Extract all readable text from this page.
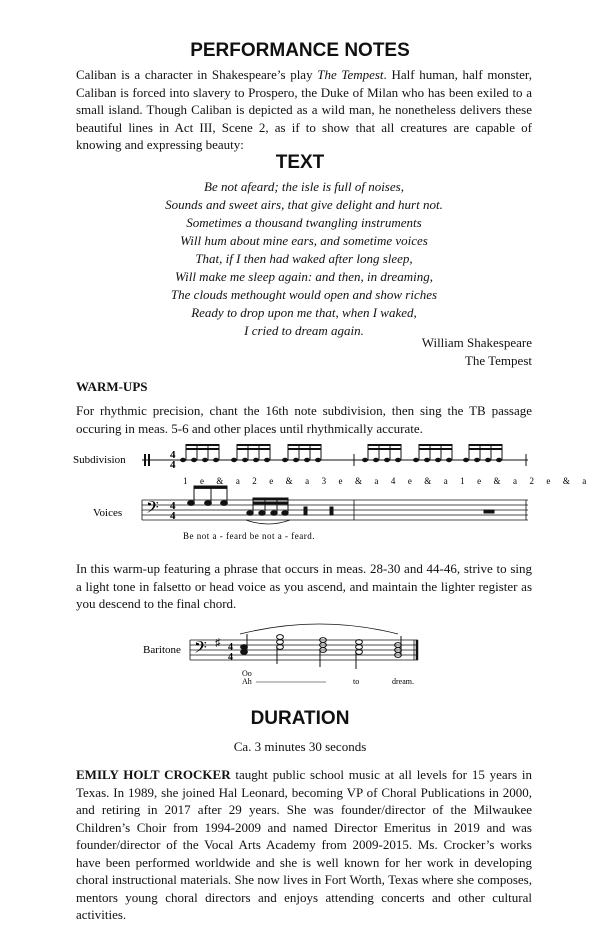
PERFORMANCE NOTES

Caliban is a character in Shakespeare’s play The Tempest. Half human, half monster, Caliban is forced into slavery to Prospero, the Duke of Milan who has been exiled to a small island. Though Caliban is depicted as a wild man, he nonetheless delivers these beautiful lines in Act III, Scene 2, as if to show that all creatures are capable of knowing and expressing beauty:

TEXT
Be not afeard; the isle is full of noises,
Sounds and sweet airs, that give delight and hurt not.
Sometimes a thousand twangling instruments
Will hum about mine ears, and sometime voices
That, if I then had waked after long sleep,
Will make me sleep again: and then, in dreaming,
The clouds methought would open and show riches
Ready to drop upon me that, when I waked,
I cried to dream again.

William Shakespeare

The Tempest

WARM-UPS

For rhythmic precision, chant the 16th note subdivision, then sing the TB passage occuring in meas. 5-6 and other places until rhythmically accurate.

Subdivision
Voices
4
4
1 e & a 2 e & a 3 e & a 4 e & a 1 e & a 2 e & a
𝄢 4
4
Be not a - feard be not a - feard.

In this warm-up featuring a phrase that occurs in meas. 28-30 and 44-46, strive to sing a light tone in falsetto or head voice as you ascend, and maintain the lighter register as you descend to the final chord.

Baritone 𝄢 ♯ 4
4
Oo
Ah	to	dream.
DURATION

Ca. 3 minutes 30 seconds

EMILY HOLT CROCKER taught public school music at all levels for 15 years in Texas. In 1989, she joined Hal Leonard, becoming VP of Choral Publications in 2000, and retiring in 2017 after 29 years. She was founder/director of the Milwaukee Children’s Choir from 1994-2009 and named Director Emeritus in 2019 and was founder/director of the Vocal Arts Academy from 2009-2015. Ms. Crocker’s works have been performed worldwide and she is well known for her work in developing choral instructional materials. She now lives in Fort Worth, Texas where she composes, mentors young choral directors and enjoys attending concerts and other cultural activities.
